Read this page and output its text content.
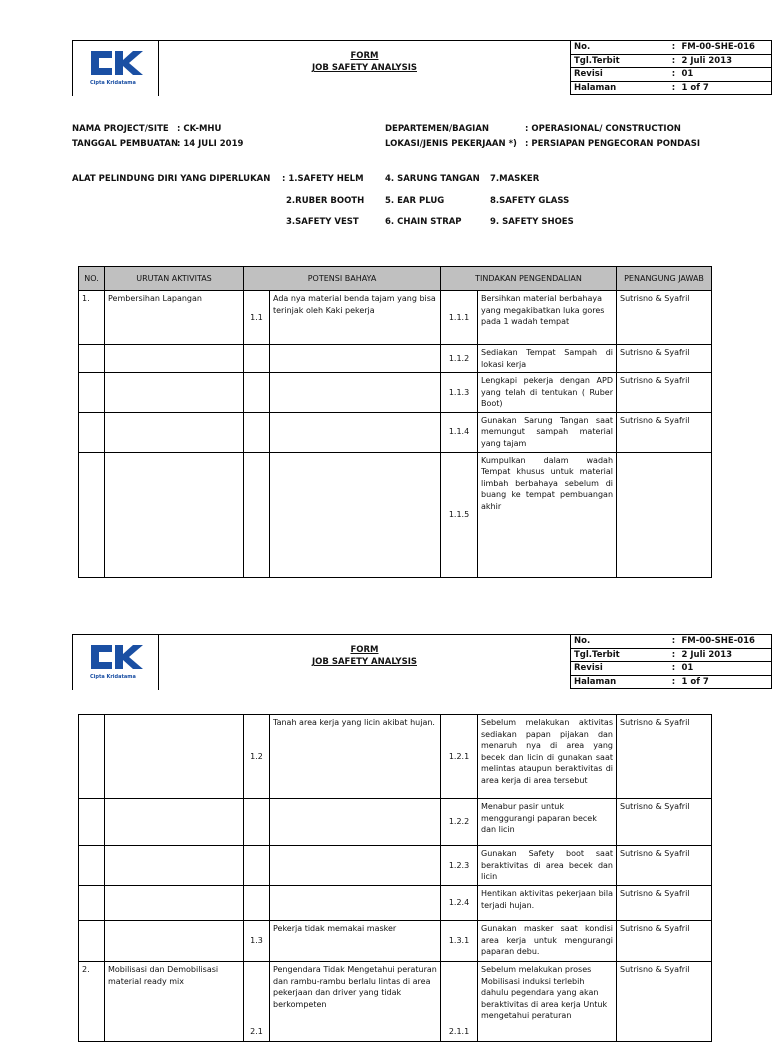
Cipta Kridatama
FORM
JOB SAFETY ANALYSIS
No.	:	FM-00-SHE-016
Tgl.Terbit	:	2 Juli 2013
Revisi	:	01
Halaman	:	1 of 7
NAMA PROJECT/SITE : CK-MHU
TANGGAL PEMBUATAN
: 14 JULI 2019
DEPARTEMEN/BAGIAN	: OPERASIONAL/ CONSTRUCTION
LOKASI/JENIS PEKERJAAN *) : PERSIAPAN PENGECORAN PONDASI
ALAT PELINDUNG DIRI YANG DIPERLUKAN : 1.SAFETY HELM	4. SARUNG TANGAN 7.MASKER
2.RUBER BOOTH 5. EAR PLUG	8.SAFETY GLASS
3.SAFETY VEST	6. CHAIN STRAP	9. SAFETY SHOES
NO.	URUTAN AKTIVITAS	POTENSI BAHAYA		TINDAKAN PENGENDALIAN		PENANGUNG JAWAB
1.	Pembersihan Lapangan	1.1	Ada nya material benda tajam yang bisa terinjak oleh Kaki pekerja	1.1.1	Bersihkan material berbahaya yang megakibatkan luka gores pada 1 wadah tempat	Sutrisno & Syafril
				1.1.2	Sediakan Tempat Sampah di lokasi kerja	Sutrisno & Syafril
				1.1.3	Lengkapi pekerja dengan APD yang telah di tentukan ( Ruber Boot)	Sutrisno & Syafril
				1.1.4	Gunakan Sarung Tangan saat memungut sampah material yang tajam	Sutrisno & Syafril
				1.1.5	Kumpulkan dalam wadah Tempat khusus untuk material limbah berbahaya sebelum di buang ke tempat pembuangan akhir	
Cipta Kridatama
FORM
JOB SAFETY ANALYSIS
No.	:	FM-00-SHE-016
Tgl.Terbit	:	2 Juli 2013
Revisi	:	01
Halaman	:	1 of 7
		1.2	Tanah area kerja yang licin akibat hujan.	1.2.1	Sebelum melakukan aktivitas sediakan papan pijakan dan menaruh nya di area yang becek dan licin di gunakan saat melintas ataupun beraktivitas di area kerja di area tersebut	Sutrisno & Syafril
				1.2.2	Menabur pasir untuk menggurangi paparan becek dan licin	Sutrisno & Syafril
				1.2.3	Gunakan Safety boot saat beraktivitas di area becek dan licin	Sutrisno & Syafril
				1.2.4	Hentikan aktivitas pekerjaan bila terjadi hujan.	Sutrisno & Syafril
		1.3	Pekerja tidak memakai masker	1.3.1	Gunakan masker saat kondisi area kerja untuk mengurangi paparan debu.	Sutrisno & Syafril
2.	Mobilisasi dan Demobilisasi material ready mix	2.1	Pengendara Tidak Mengetahui peraturan dan rambu-rambu berlalu lintas di area pekerjaan dan driver yang tidak berkompeten	2.1.1	Sebelum melakukan proses Mobilisasi induksi terlebih dahulu pegendara yang akan beraktivitas di area kerja Untuk mengetahui peraturan	Sutrisno & Syafril
